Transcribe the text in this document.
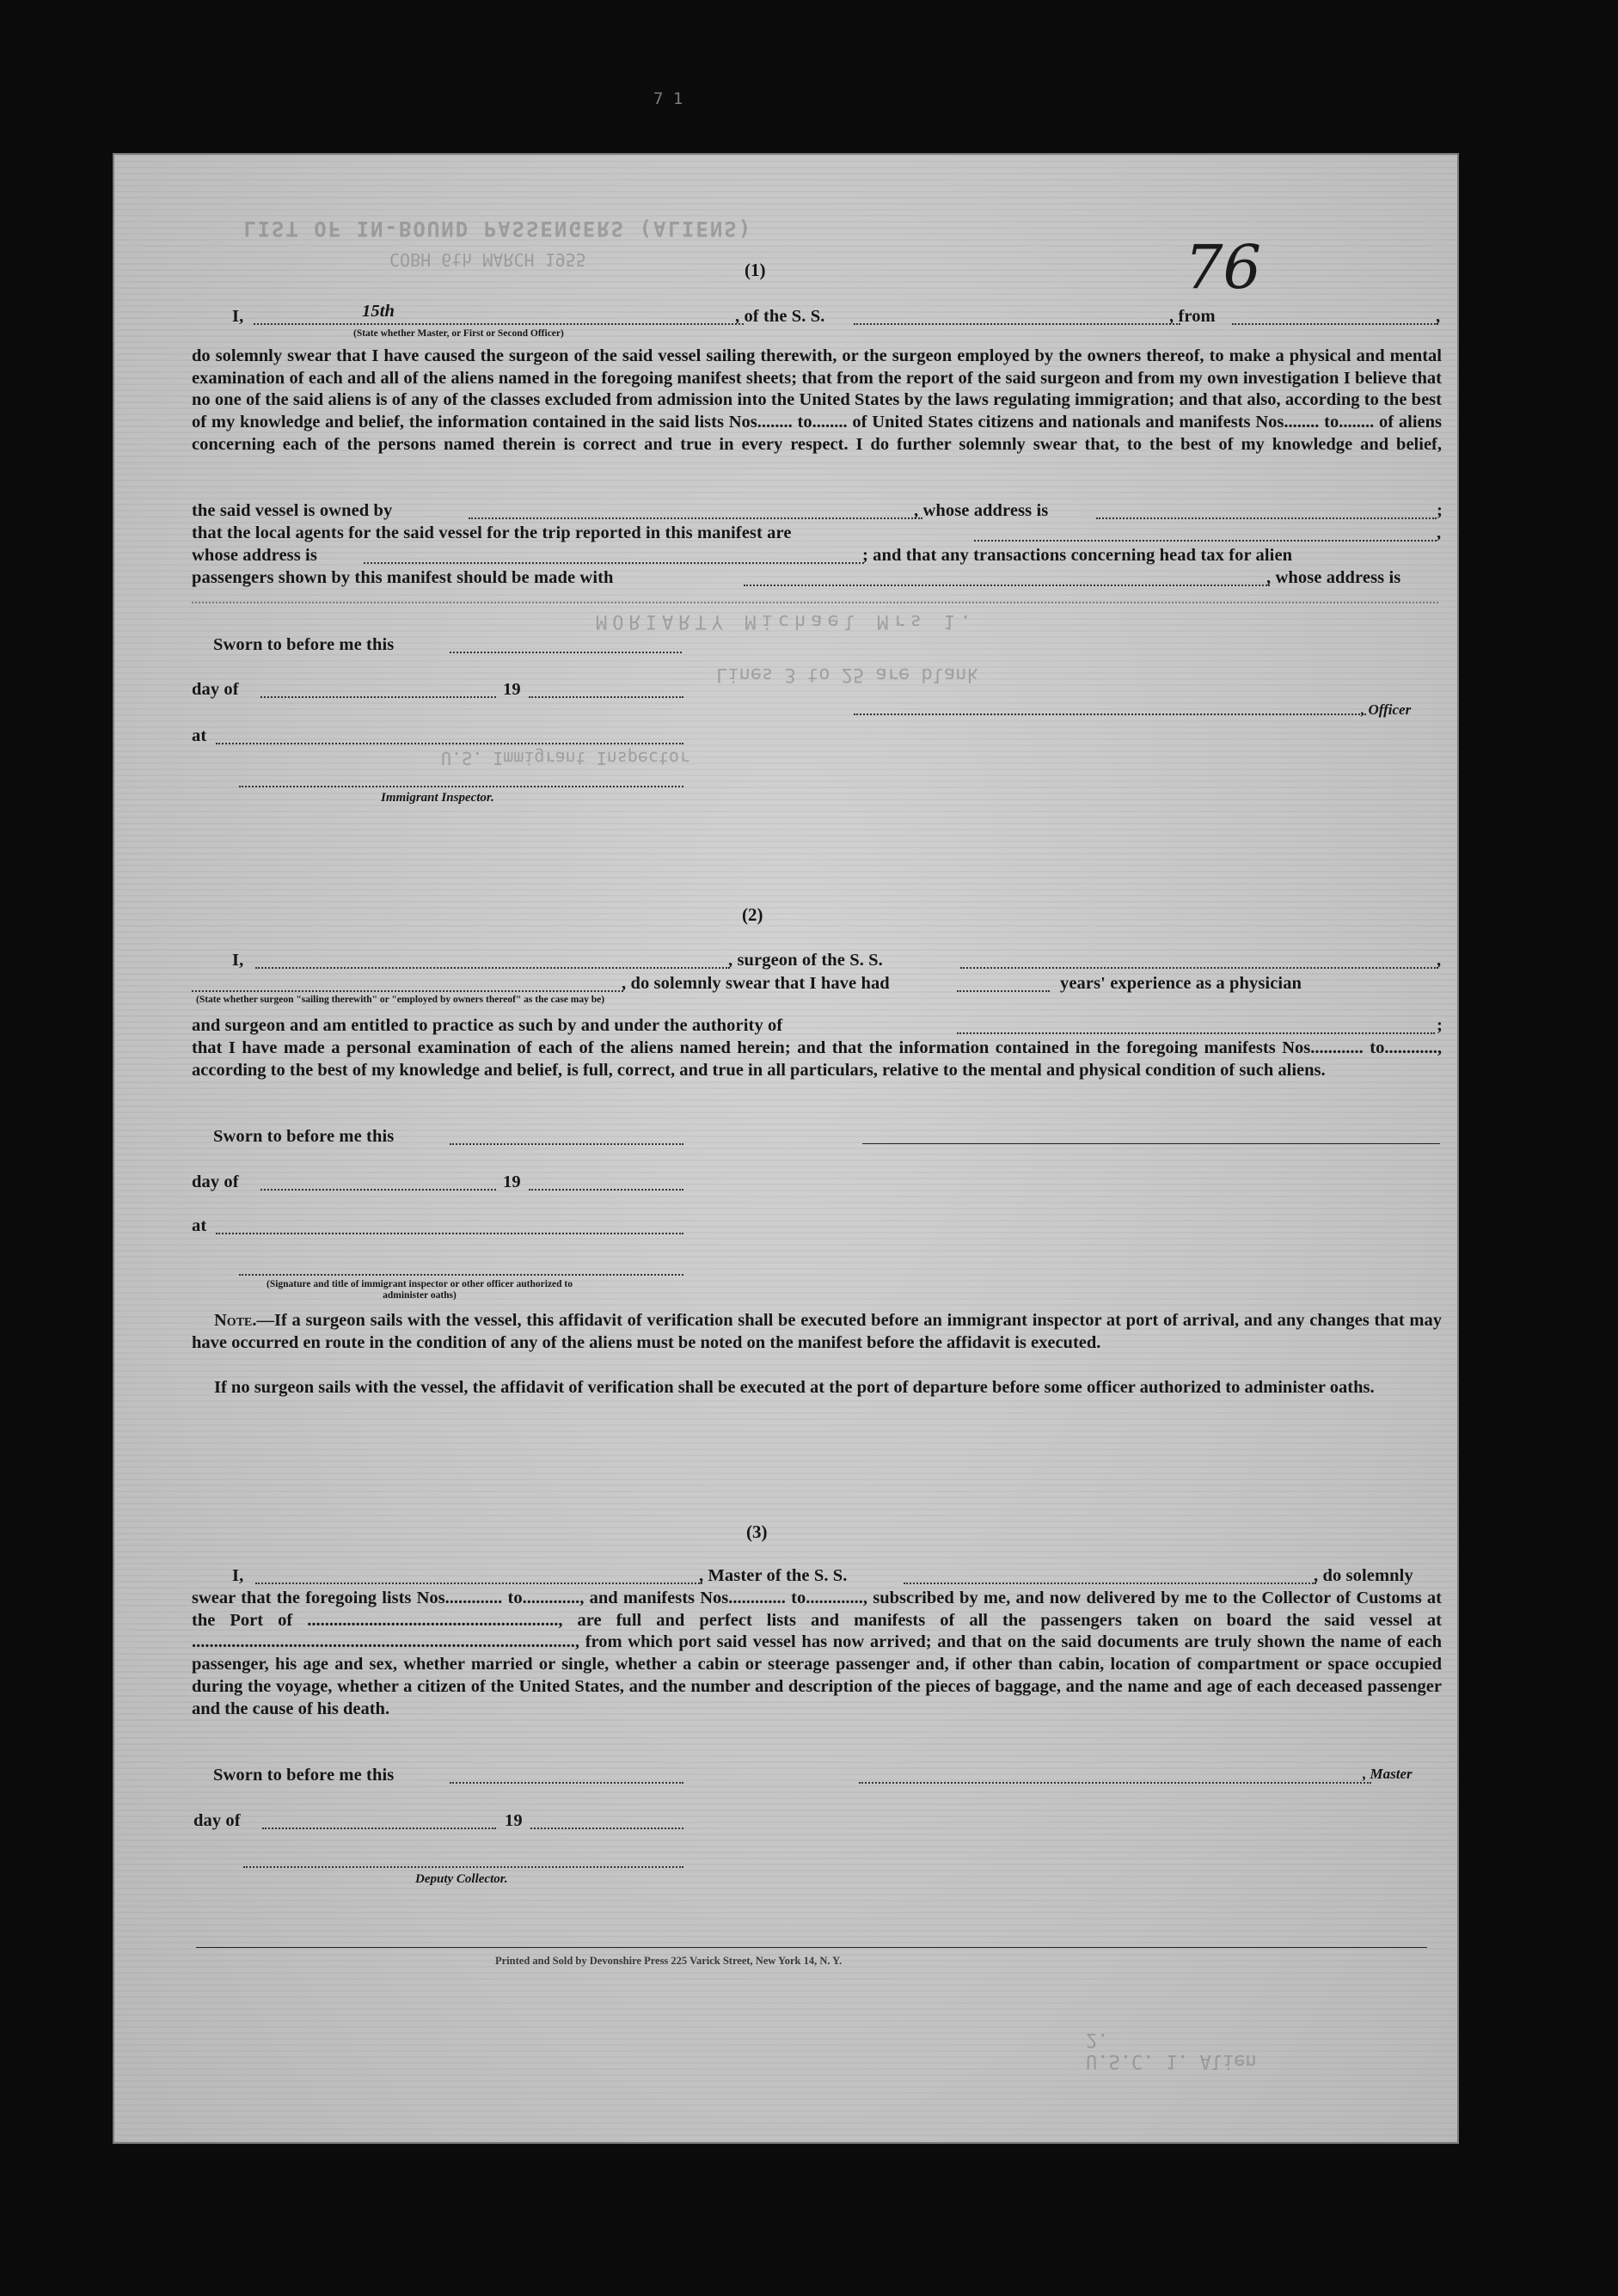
7 1
LIST OF IN-BOUND PASSENGERS (ALIENS)
COBH 6th MARCH 1955	76
(1)
I,	15th	, of the S. S.	, from	,
(State whether Master, or First or Second Officer)
do solemnly swear that I have caused the surgeon of the said vessel sailing therewith, or the surgeon employed by the owners thereof, to make a physical and mental examination of each and all of the aliens named in the foregoing manifest sheets; that from the report of the said surgeon and from my own investigation I believe that no one of the said aliens is of any of the classes excluded from admission into the United States by the laws regulating immigration; and that also, according to the best of my knowledge and belief, the information contained in the said lists Nos........ to........ of United States citizens and nationals and manifests Nos........ to........ of aliens concerning each of the persons named therein is correct and true in every respect. I do further solemnly swear that, to the best of my knowledge and belief,
the said vessel is owned by	, whose address is	;
that the local agents for the said vessel for the trip reported in this manifest are	,
whose address is	; and that any transactions concerning head tax for alien
passengers shown by this manifest should be made with	, whose address is
MORIARTY Michael Mrs 1.
Lines 3 to 25 are blank
U.S. Immigrant Inspector
Sworn to before me this
day of	19
, Officer
at
Immigrant Inspector.
(2)
I,	, surgeon of the S. S.	,
, do solemnly swear that I have had	years' experience as a physician
(State whether surgeon "sailing therewith" or "employed by owners thereof" as the case may be)
and surgeon and am entitled to practice as such by and under the authority of	;
that I have made a personal examination of each of the aliens named herein; and that the information contained in the foregoing manifests Nos............ to............, according to the best of my knowledge and belief, is full, correct, and true in all particulars, relative to the mental and physical condition of such aliens.
Sworn to before me this
day of	19
at
(Signature and title of immigrant inspector or other officer authorized to administer oaths)
Note.—If a surgeon sails with the vessel, this affidavit of verification shall be executed before an immigrant inspector at port of arrival, and any changes that may have occurred en route in the condition of any of the aliens must be noted on the manifest before the affidavit is executed.
If no surgeon sails with the vessel, the affidavit of verification shall be executed at the port of departure before some officer authorized to administer oaths.
(3)
I,	, Master of the S. S.	, do solemnly
swear that the foregoing lists Nos............. to............., and manifests Nos............. to............., subscribed by me, and now delivered by me to the Collector of Customs at the Port of ........................................................., are full and perfect lists and manifests of all the passengers taken on board the said vessel at ......................................................................................., from which port said vessel has now arrived; and that on the said documents are truly shown the name of each passenger, his age and sex, whether married or single, whether a cabin or steerage passenger and, if other than cabin, location of compartment or space occupied during the voyage, whether a citizen of the United States, and the number and description of the pieces of baggage, and the name and age of each deceased passenger and the cause of his death.
Sworn to before me this	, Master
day of	19
Deputy Collector.
Printed and Sold by Devonshire Press 225 Varick Street, New York 14, N. Y.
U.S.C. 1. Alien 2.
